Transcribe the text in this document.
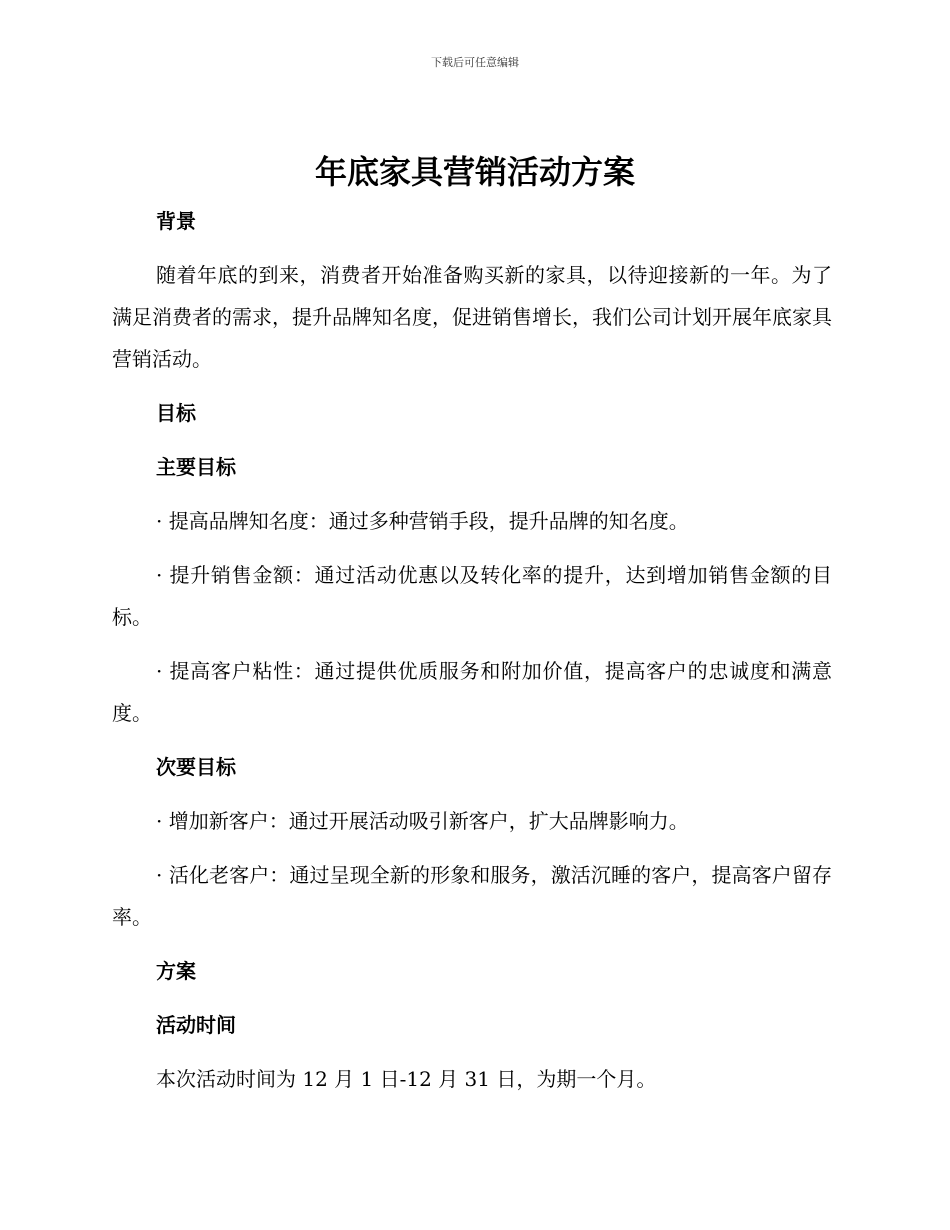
下载后可任意编辑
年底家具营销活动方案
背景
随着年底的到来，消费者开始准备购买新的家具，以待迎接新的一年。为了满足消费者的需求，提升品牌知名度，促进销售增长，我们公司计划开展年底家具营销活动。
目标
主要目标
· 提高品牌知名度：通过多种营销手段，提升品牌的知名度。
· 提升销售金额：通过活动优惠以及转化率的提升，达到增加销售金额的目标。
· 提高客户粘性：通过提供优质服务和附加价值，提高客户的忠诚度和满意度。
次要目标
· 增加新客户：通过开展活动吸引新客户，扩大品牌影响力。
· 活化老客户：通过呈现全新的形象和服务，激活沉睡的客户，提高客户留存率。
方案
活动时间
本次活动时间为 12 月 1 日-12 月 31 日，为期一个月。
